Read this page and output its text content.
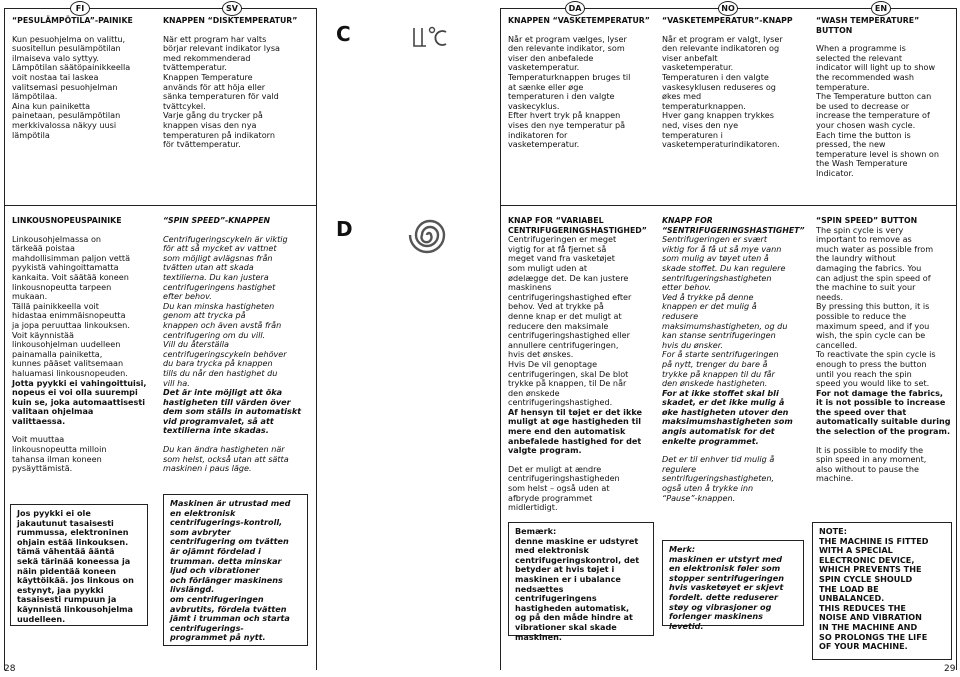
FI	SV	DA	NO	EN
C
D
“PESULÄMPÖTILA”-PAINIKE

Kun pesuohjelma on valittu,
suositellun pesulämpötilan
ilmaiseva valo syttyy.
Lämpötilan säätöpainikkeella
voit nostaa tai laskea
valitsemasi pesuohjelman
lämpötilaa.
Aina kun painiketta
painetaan, pesulämpötilan
merkkivalossa näkyy uusi
lämpötila

KNAPPEN “DISKTEMPERATUR”

När ett program har valts
börjar relevant indikator lysa
med rekommenderad
tvättemperatur.
Knappen Temperature
används för att höja eller
sänka temperaturen för vald
tvättcykel.
Varje gång du trycker på
knappen visas den nya
temperaturen på indikatorn
för tvättemperatur.

KNAPPEN “VASKETEMPERATUR”

Når et program vælges, lyser
den relevante indikator, som
viser den anbefalede
vasketemperatur.
Temperaturknappen bruges til
at sænke eller øge
temperaturen i den valgte
vaskecyklus.
Efter hvert tryk på knappen
vises den nye temperatur på
indikatoren for
vasketemperatur.

“VASKETEMPERATUR”-KNAPP

Når et program er valgt, lyser
den relevante indikatoren og
viser anbefalt
vasketemperatur.
Temperaturen i den valgte
vaskesyklusen reduseres og
økes med
temperaturknappen.
Hver gang knappen trykkes
ned, vises den nye
temperaturen i
vasketemperaturindikatoren.

“WASH TEMPERATURE” BUTTON

When a programme is
selected the relevant
indicator will light up to show
the recommended wash
temperature.
The Temperature button can
be used to decrease or
increase the temperature of
your chosen wash cycle.
Each time the button is
pressed, the new
temperature level is shown on
the Wash Temperature
Indicator.

LINKOUSNOPEUSPAINIKE

Linkousohjelmassa on
tärkeää poistaa
mahdollisimman paljon vettä
pyykistä vahingoittamatta
kankaita. Voit säätää koneen
linkousnopeutta tarpeen
mukaan.
Tällä painikkeella voit
hidastaa enimmäisnopeutta
ja jopa peruuttaa linkouksen.
Voit käynnistää
linkousohjelman uudelleen
painamalla painiketta,
kunnes pääset valitsemaan
haluamasi linkousnopeuden.

Jotta pyykki ei vahingoittuisi,
nopeus ei voi olla suurempi
kuin se, joka automaattisesti
valitaan ohjelmaa
valittaessa.

Voit muuttaa
linkousnopeutta milloin
tahansa ilman koneen
pysäyttämistä.

Jos pyykki ei ole
jakautunut tasaisesti
rummussa, elektroninen
ohjain estää linkouksen.
tämä vähentää ääntä
sekä tärinää koneessa ja
näin pidentää koneen
käyttöikää. jos linkous on
estynyt, jaa pyykki
tasaisesti rumpuun ja
käynnistä linkousohjelma
uudelleen.

“SPIN SPEED”-KNAPPEN

Centrifugeringscykeln är viktig
för att så mycket av vattnet
som möjligt avlägsnas från
tvätten utan att skada
textilierna. Du kan justera
centrifugeringens hastighet
efter behov.
Du kan minska hastigheten
genom att trycka på
knappen och även avstå från
centrifugering om du vill.
Vill du återställa
centrifugeringscykeln behöver
du bara trycka på knappen
tills du når den hastighet du
vill ha.

Det är inte möjligt att öka
hastigheten till värden över
dem som ställs in automatiskt
vid programvalet, så att
textilierna inte skadas.

Du kan ändra hastigheten när
som helst, också utan att sätta
maskinen i paus läge.

Maskinen är utrustad med
en elektronisk
centrifugerings-kontroll,
som avbryter
centrifugering om tvätten
är ojämnt fördelad i
trumman. detta minskar
ljud och vibrationer
och förlänger maskinens
livslängd.
om centrifugeringen
avbrutits, fördela tvätten
jämt i trumman och starta
centrifugerings-
programmet på nytt.

KNAP FOR “VARIABEL
CENTRIFUGERINGSHASTIGHED”

Centrifugeringen er meget
vigtig for at få fjernet så
meget vand fra vasketøjet
som muligt uden at
ødelægge det. De kan justere
maskinens
centrifugeringshastighed efter
behov. Ved at trykke på
denne knap er det muligt at
reducere den maksimale
centrifugeringshastighed eller
annullere centrifugeringen,
hvis det ønskes.
Hvis De vil genoptage
centrifugeringen, skal De blot
trykke på knappen, til De når
den ønskede
centrifugeringshastighed.

Af hensyn til tøjet er det ikke
muligt at øge hastigheden til
mere end den automatisk
anbefalede hastighed for det
valgte program.

Det er muligt at ændre
centrifugeringshastigheden
som helst – også uden at
afbryde programmet
midlertidigt.

Bemærk:

denne maskine er udstyret
med elektronisk
centrifugeringskontrol, det
betyder at hvis tøjet i
maskinen er i ubalance
nedsættes centrifugeringens
hastigheden automatisk,
og på den måde hindre at
vibrationer skal skade
maskinen.

KNAPP FOR
“SENTRIFUGERINGSHASTIGHET”

Sentrifugeringen er svært
viktig for å få ut så mye vann
som mulig av tøyet uten å
skade stoffet. Du kan regulere
sentrifugeringshastigheten
etter behov.
Ved å trykke på denne
knappen er det mulig å
redusere
maksimumshastigheten, og du
kan stanse sentrifugeringen
hvis du ønsker.
For å starte sentrifugeringen
på nytt, trenger du bare å
trykke på knappen til du får
den ønskede hastigheten.

For at ikke stoffet skal bli
skadet, er det ikke mulig å
øke hastigheten utover den
maksimumshastigheten som
angis automatisk for det
enkelte programmet.

Det er til enhver tid mulig å
regulere
sentrifugeringshastigheten,
også uten å trykke inn
“Pause”-knappen.

Merk:

maskinen er utstyrt med
en elektronisk føler som
stopper sentrifugeringen
hvis vasketøyet er skjevt
fordelt. dette reduserer
støy og vibrasjoner og
forlenger maskinens
levetid.

“SPIN SPEED” BUTTON

The spin cycle is very
important to remove as
much water as possible from
the laundry without
damaging the fabrics. You
can adjust the spin speed of
the machine to suit your
needs.
By pressing this button, it is
possible to reduce the
maximum speed, and if you
wish, the spin cycle can be
cancelled.
To reactivate the spin cycle is
enough to press the button
until you reach the spin
speed you would like to set.

For not damage the fabrics,
it is not possible to increase
the speed over that
automatically suitable during
the selection of the program.

It is possible to modify the
spin speed in any moment,
also without to pause the
machine.

NOTE:
THE MACHINE IS FITTED
WITH A SPECIAL
ELECTRONIC DEVICE,
WHICH PREVENTS THE
SPIN CYCLE SHOULD
THE LOAD BE
UNBALANCED.
THIS REDUCES THE
NOISE AND VIBRATION
IN THE MACHINE AND
SO PROLONGS THE LIFE
OF YOUR MACHINE.

28	29
